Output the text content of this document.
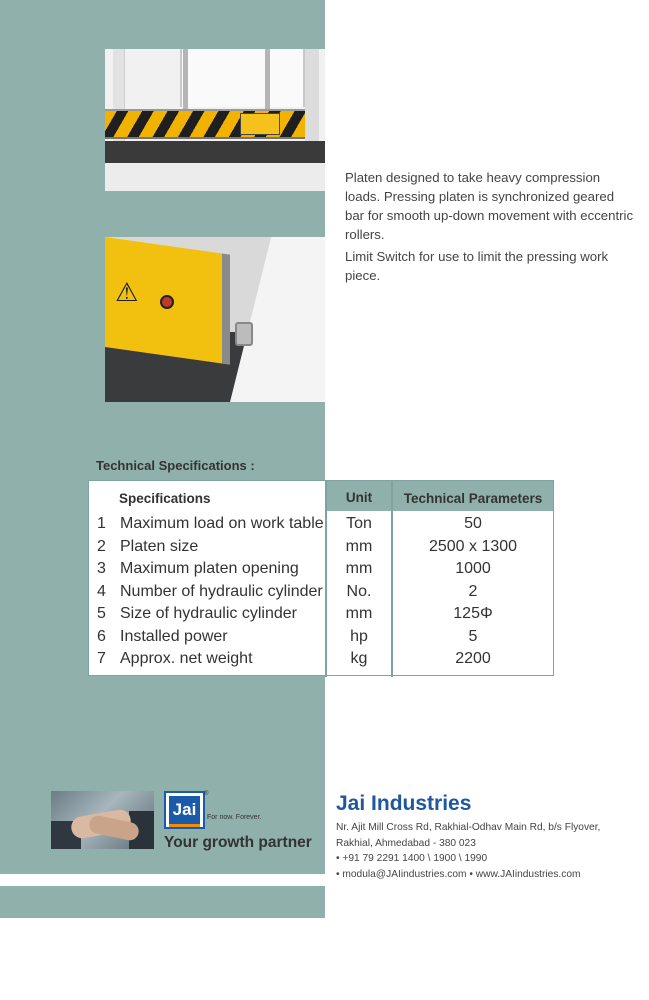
⚠

Platen designed to take heavy compression loads. Pressing platen is synchronized geared bar for smooth up-down movement with eccentric rollers.

Limit Switch for use to limit the pressing work piece.

Technical Specifications :
Specifications	Unit	Technical Parameters
1 Maximum load on work table	Ton	50
2 Platen size	mm	2500 x 1300
3 Maximum platen opening	mm	1000
4 Number of hydraulic cylinder	No.	2
5 Size of hydraulic cylinder	mm	125Φ
6 Installed power	hp	5
7 Approx. net weight	kg	2200
Jai
®
For now. Forever.
Your growth partner
Jai Industries
Nr. Ajit Mill Cross Rd, Rakhial-Odhav Main Rd, b/s Flyover,
Rakhial, Ahmedabad - 380 023
• +91 79 2291 1400 \ 1900 \ 1990
• modula@JAIindustries.com • www.JAIindustries.com
